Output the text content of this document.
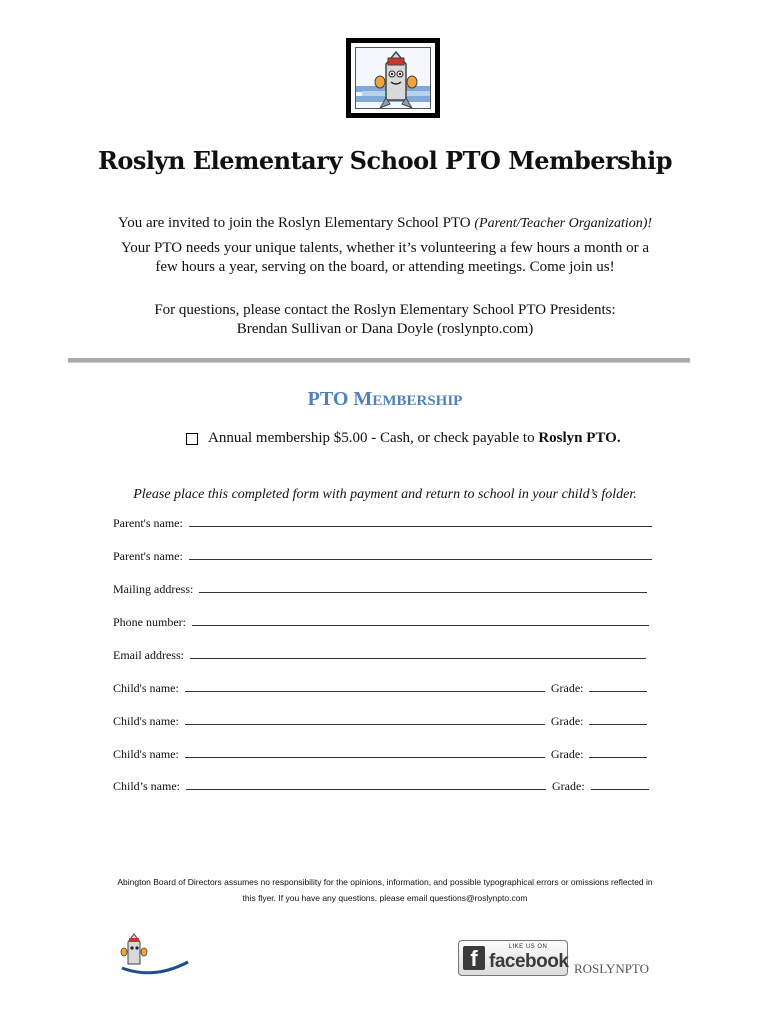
Roslyn Elementary School PTO Membership
You are invited to join the Roslyn Elementary School PTO (Parent/Teacher Organization)!
Your PTO needs your unique talents, whether it’s volunteering a few hours a month or a
few hours a year, serving on the board, or attending meetings. Come join us!
For questions, please contact the Roslyn Elementary School PTO Presidents:
Brendan Sullivan or Dana Doyle (roslynpto.com)
PTO MEMBERSHIP
Annual membership $5.00 - Cash, or check payable to
Roslyn PTO.
Please place this completed form with payment and return to school in your child’s folder.
Parent's name:
Parent's name:
Mailing address:
Phone number:
Email address:
Child's name:	Grade:
Child's name:	Grade:
Child's name:	Grade:
Child’s name:	Grade:
Abington Board of Directors assumes no responsibility for the opinions, information, and possible typographical errors or omissions reflected in
this flyer. If you have any questions, please email questions@roslynpto.com
f	LIKE US ON
facebook ROSLYNPTO
